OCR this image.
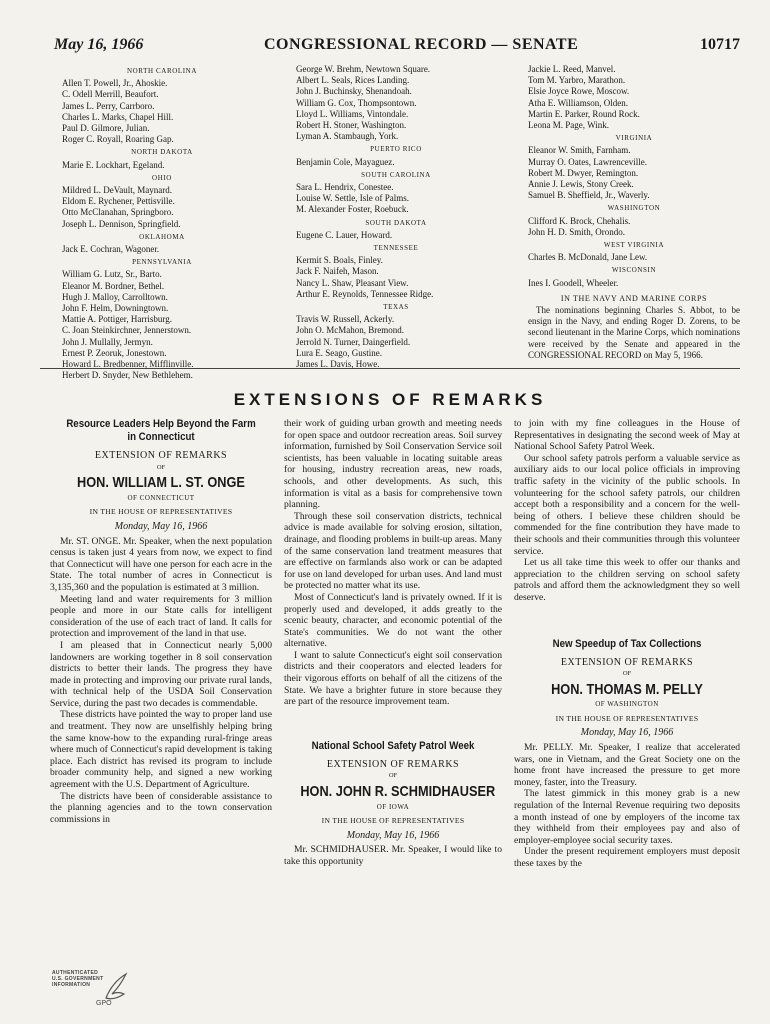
May 16, 1966	CONGRESSIONAL RECORD — SENATE	10717
NORTH CAROLINA
Allen T. Powell, Jr., Ahoskie.
C. Odell Merrill, Beaufort.
James L. Perry, Carrboro.
Charles L. Marks, Chapel Hill.
Paul D. Gilmore, Julian.
Roger C. Royall, Roaring Gap.
NORTH DAKOTA
Marie E. Lockhart, Egeland.
OHIO
Mildred L. DeVault, Maynard.
Eldom E. Rychener, Pettisville.
Otto McClanahan, Springboro.
Joseph L. Dennison, Springfield.
OKLAHOMA
Jack E. Cochran, Wagoner.
PENNSYLVANIA
William G. Lutz, Sr., Barto.
Eleanor M. Bordner, Bethel.
Hugh J. Malloy, Carrolltown.
John F. Helm, Downingtown.
Mattie A. Pottiger, Harrisburg.
C. Joan Steinkirchner, Jennerstown.
John J. Mullally, Jermyn.
Ernest P. Zeoruk, Jonestown.
Howard L. Bredbenner, Mifflinville.
Herbert D. Snyder, New Bethlehem.
George W. Brehm, Newtown Square.
Albert L. Seals, Rices Landing.
John J. Buchinsky, Shenandoah.
William G. Cox, Thompsontown.
Lloyd L. Williams, Vintondale.
Robert H. Stoner, Washington.
Lyman A. Stambaugh, York.
PUERTO RICO
Benjamin Cole, Mayaguez.
SOUTH CAROLINA
Sara L. Hendrix, Conestee.
Louise W. Settle, Isle of Palms.
M. Alexander Foster, Roebuck.
SOUTH DAKOTA
Eugene C. Lauer, Howard.
TENNESSEE
Kermit S. Boals, Finley.
Jack F. Naifeh, Mason.
Nancy L. Shaw, Pleasant View.
Arthur E. Reynolds, Tennessee Ridge.
TEXAS
Travis W. Russell, Ackerly.
John O. McMahon, Bremond.
Jerrold N. Turner, Daingerfield.
Lura E. Seago, Gustine.
James L. Davis, Howe.
Jackie L. Reed, Manvel.
Tom M. Yarbro, Marathon.
Elsie Joyce Rowe, Moscow.
Atha E. Williamson, Olden.
Martin E. Parker, Round Rock.
Leona M. Page, Wink.
VIRGINIA
Eleanor W. Smith, Farnham.
Murray O. Oates, Lawrenceville.
Robert M. Dwyer, Remington.
Annie J. Lewis, Stony Creek.
Samuel B. Sheffield, Jr., Waverly.
WASHINGTON
Clifford K. Brock, Chehalis.
John H. D. Smith, Orondo.
WEST VIRGINIA
Charles B. McDonald, Jane Lew.
WISCONSIN
Ines I. Goodell, Wheeler.
IN THE NAVY AND MARINE CORPS

The nominations beginning Charles S. Abbot, to be ensign in the Navy, and ending Roger D. Zorens, to be second lieutenant in the Marine Corps, which nominations were received by the Senate and appeared in the CONGRESSIONAL RECORD on May 5, 1966.

EXTENSIONS OF REMARKS
Resource Leaders Help Beyond the Farm in Connecticut
EXTENSION OF REMARKS
OF
HON. WILLIAM L. ST. ONGE
OF CONNECTICUT
IN THE HOUSE OF REPRESENTATIVES
Monday, May 16, 1966

Mr. ST. ONGE. Mr. Speaker, when the next population census is taken just 4 years from now, we expect to find that Connecticut will have one person for each acre in the State. The total number of acres in Connecticut is 3,135,360 and the population is estimated at 3 million.

Meeting land and water requirements for 3 million people and more in our State calls for intelligent consideration of the use of each tract of land. It calls for protection and improvement of the land in that use.

I am pleased that in Connecticut nearly 5,000 landowners are working together in 8 soil conservation districts to better their lands. The progress they have made in protecting and improving our private rural lands, with technical help of the USDA Soil Conservation Service, during the past two decades is commendable.

These districts have pointed the way to proper land use and treatment. They now are unselfishly helping bring the same know-how to the expanding rural-fringe areas where much of Connecticut's rapid development is taking place. Each district has revised its program to include broader community help, and signed a new working agreement with the U.S. Department of Agriculture.

The districts have been of considerable assistance to the planning agencies and to the town conservation commissions in

their work of guiding urban growth and meeting needs for open space and outdoor recreation areas. Soil survey information, furnished by Soil Conservation Service soil scientists, has been valuable in locating suitable areas for housing, industry recreation areas, new roads, schools, and other developments. As such, this information is vital as a basis for comprehensive town planning.

Through these soil conservation districts, technical advice is made available for solving erosion, siltation, drainage, and flooding problems in built-up areas. Many of the same conservation land treatment measures that are effective on farmlands also work or can be adapted for use on land developed for urban uses. And land must be protected no matter what its use.

Most of Connecticut's land is privately owned. If it is properly used and developed, it adds greatly to the scenic beauty, character, and economic potential of the State's communities. We do not want the other alternative.

I want to salute Connecticut's eight soil conservation districts and their cooperators and elected leaders for their vigorous efforts on behalf of all the citizens of the State. We have a brighter future in store because they are part of the resource improvement team.

National School Safety Patrol Week
EXTENSION OF REMARKS
OF
HON. JOHN R. SCHMIDHAUSER
OF IOWA
IN THE HOUSE OF REPRESENTATIVES
Monday, May 16, 1966

Mr. SCHMIDHAUSER. Mr. Speaker, I would like to take this opportunity

to join with my fine colleagues in the House of Representatives in designating the second week of May at National School Safety Patrol Week.

Our school safety patrols perform a valuable service as auxiliary aids to our local police officials in improving traffic safety in the vicinity of the public schools. In volunteering for the school safety patrols, our children accept both a responsibility and a concern for the well-being of others. I believe these children should be commended for the fine contribution they have made to their schools and their communities through this volunteer service.

Let us all take time this week to offer our thanks and appreciation to the children serving on school safety patrols and afford them the acknowledgment they so well deserve.

New Speedup of Tax Collections
EXTENSION OF REMARKS
OF
HON. THOMAS M. PELLY
OF WASHINGTON
IN THE HOUSE OF REPRESENTATIVES
Monday, May 16, 1966

Mr. PELLY. Mr. Speaker, I realize that accelerated wars, one in Vietnam, and the Great Society one on the home front have increased the pressure to get more money, faster, into the Treasury.

The latest gimmick in this money grab is a new regulation of the Internal Revenue requiring two deposits a month instead of one by employers of the income tax they withheld from their employees pay and also of employer-employee social security taxes.

Under the present requirement employers must deposit these taxes by the

AUTHENTICATED
U.S. GOVERNMENT
INFORMATION
GPO
